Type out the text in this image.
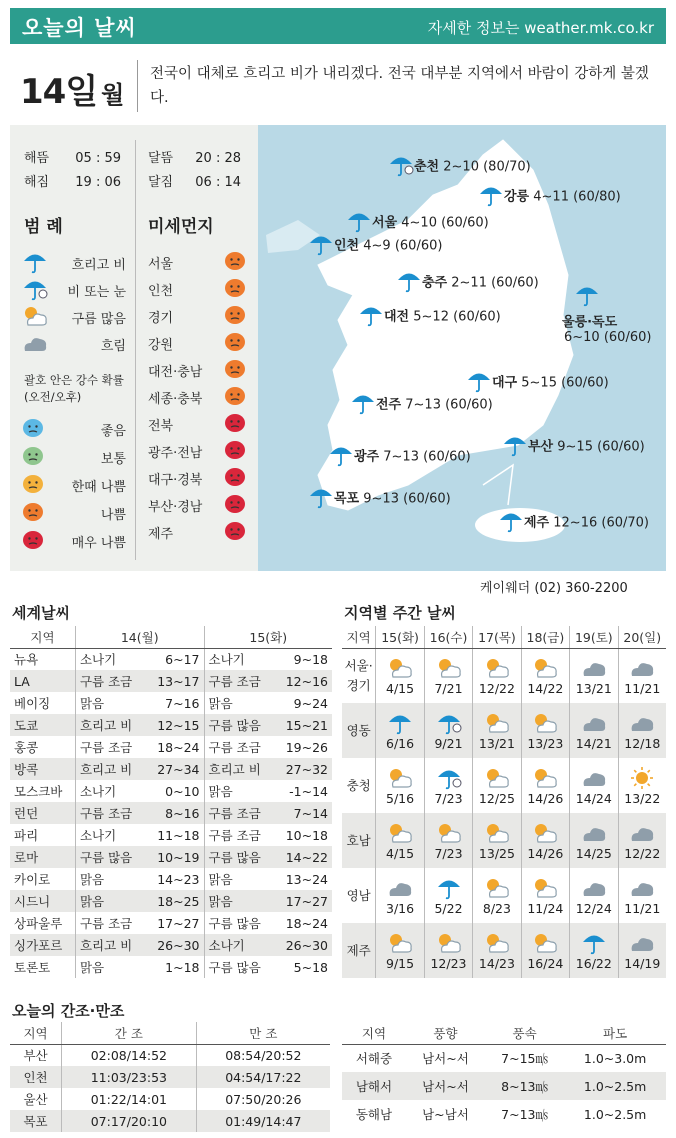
오늘의 날씨	자세한 정보는 weather.mk.co.kr
14일 월
전국이 대체로 흐리고 비가 내리겠다. 전국 대부분 지역에서 바람이 강하게 불겠다.
춘천 2~10 (80/70)
강릉 4~11 (60/80)
서울 4~10 (60/60)
인천 4~9 (60/60)
충주 2~11 (60/60)
대전 5~12 (60/60)	울릉·독도
6~10 (60/60)
대구 5~15 (60/60)
전주 7~13 (60/60)
부산 9~15 (60/60)
광주 7~13 (60/60)
목포 9~13 (60/60)
제주 12~16 (60/70)
해뜸 05 : 59
해짐 19 : 06
달뜸 20 : 28
달짐 06 : 14
범 례	미세먼지
흐리고 비
비 또는 눈
구름 많음
흐림
괄호 안은 강수 확률
(오전/오후)
좋음
보통
한때 나쁨
나쁨
매우 나쁨
서울
인천
경기
강원
대전·충남
세종·충북
전북
광주·전남
대구·경북
부산·경남
제주
케이웨더 (02) 360-2200
세계날씨
지역	14(월)		15(화)	
뉴욕	소나기	6~17	소나기	9~18
LA	구름 조금	13~17	구름 조금	12~16
베이징	맑음	7~16	맑음	9~24
도쿄	흐리고 비	12~15	구름 많음	15~21
홍콩	구름 조금	18~24	구름 조금	19~26
방콕	흐리고 비	27~34	흐리고 비	27~32
모스크바	소나기	0~10	맑음	-1~14
런던	구름 조금	8~16	구름 조금	7~14
파리	소나기	11~18	구름 조금	10~18
로마	구름 많음	10~19	구름 많음	14~22
카이로	맑음	14~23	맑음	13~24
시드니	맑음	18~25	맑음	17~27
상파울루	구름 조금	17~27	구름 많음	18~24
싱가포르	흐리고 비	26~30	소나기	26~30
토론토	맑음	1~18	구름 많음	5~18
지역별 주간 날씨
지역	15(화)	16(수)	17(목)	18(금)	19(토)	20(일)
서울·
경기	4/15	7/21	12/22	14/22	13/21	11/21
영동	6/16	9/21	13/21	13/23	14/21	12/18
충청	5/16	7/23	12/25	14/26	14/24	13/22
호남	4/15	7/23	13/25	14/26	14/25	12/22
영남	3/16	5/22	8/23	11/24	12/24	11/21
제주	9/15	12/23	14/23	16/24	16/22	14/19
오늘의 간조·만조
지역	간 조	만 조
부산	02:08/14:52	08:54/20:52
인천	11:03/23:53	04:54/17:22
울산	01:22/14:01	07:50/20:26
목포	07:17/20:10	01:49/14:47
지역	풍향	풍속	파도
서해중	남서~서	7~15㎧	1.0~3.0m
남해서	남서~서	8~13㎧	1.0~2.5m
동해남	남~남서	7~13㎧	1.0~2.5m
